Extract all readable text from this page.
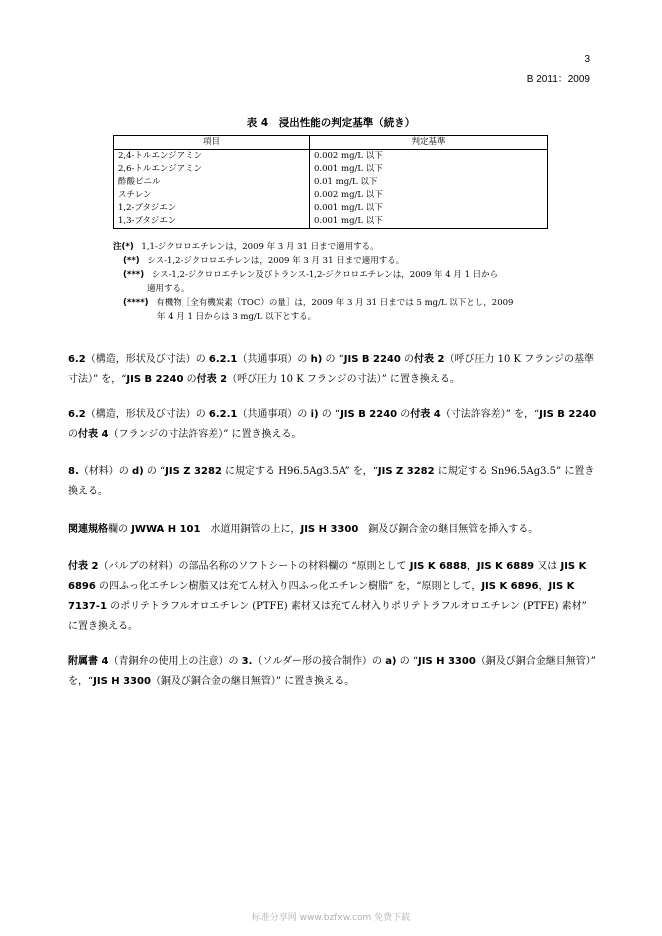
3
B 2011：2009
表 4　浸出性能の判定基準（続き）
項目	判定基準
2,4-トルエンジアミン	0.002 mg/L 以下
2,6-トルエンジアミン	0.001 mg/L 以下
酢酸ビニル	0.01 mg/L 以下
スチレン	0.002 mg/L 以下
1,2-ブタジエン	0.001 mg/L 以下
1,3-ブタジエン	0.001 mg/L 以下
注(*) 1,1-ジクロロエチレンは，2009 年 3 月 31 日まで適用する。
(**) シス-1,2-ジクロロエチレンは，2009 年 3 月 31 日まで適用する。
(***) シス-1,2-ジクロロエチレン及びトランス-1,2-ジクロロエチレンは，2009 年 4 月 1 日から
適用する。
(****) 有機物［全有機炭素（TOC）の量］は，2009 年 3 月 31 日までは 5 mg/L 以下とし，2009
年 4 月 1 日からは 3 mg/L 以下とする。
6.2（構造，形状及び寸法）の 6.2.1（共通事項）の h) の “JIS B 2240 の付表 2（呼び圧力 10 K フランジの基準寸法）” を，“JIS B 2240 の付表 2（呼び圧力 10 K フランジの寸法）” に置き換える。
6.2（構造，形状及び寸法）の 6.2.1（共通事項）の i) の “JIS B 2240 の付表 4（寸法許容差）” を，“JIS B 2240 の付表 4（フランジの寸法許容差）” に置き換える。
8.（材料）の d) の “JIS Z 3282 に規定する H96.5Ag3.5A” を，“JIS Z 3282 に規定する Sn96.5Ag3.5” に置き換える。
関連規格欄の JWWA H 101　水道用銅管の上に，JIS H 3300　銅及び銅合金の継目無管を挿入する。
付表 2（バルブの材料）の部品名称のソフトシートの材料欄の “原則として JIS K 6888，JIS K 6889 又は JIS K 6896 の四ふっ化エチレン樹脂又は充てん材入り四ふっ化エチレン樹脂” を，“原則として，JIS K 6896，JIS K 7137-1 のポリテトラフルオロエチレン (PTFE) 素材又は充てん材入りポリテトラフルオロエチレン (PTFE) 素材” に置き換える。
附属書 4（青銅弁の使用上の注意）の 3.（ソルダー形の接合制作）の a) の “JIS H 3300（銅及び銅合金継目無管）” を，“JIS H 3300（銅及び銅合金の継目無管）” に置き換える。
标准分享网 www.bzfxw.com 免费下载
